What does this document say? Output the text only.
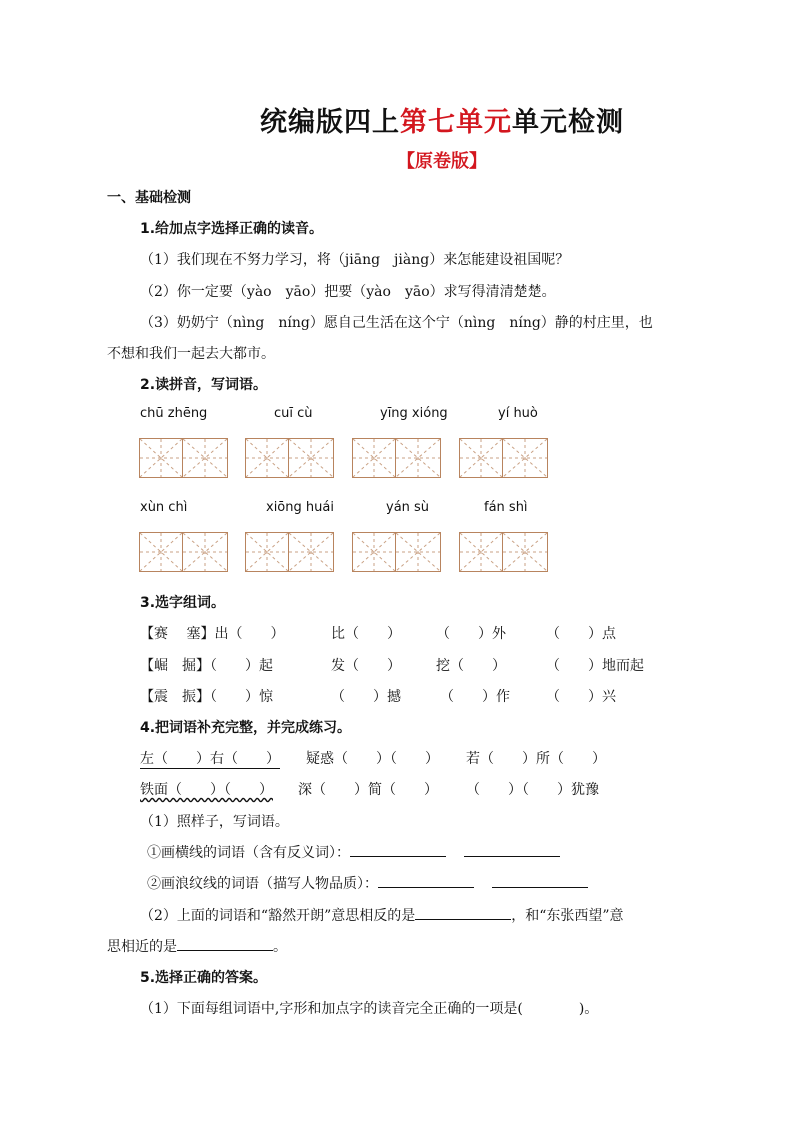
统编版四上第七单元单元检测
【原卷版】
一、基础检测
1.给加点字选择正确的读音。
（1）我们现在不努力学习，将（jiāng　jiàng）来怎能建设祖国呢？
（2）你一定要（yào　yāo）把要（yào　yāo）求写得清清楚楚。
（3）奶奶宁（nìng　níng）愿自己生活在这个宁（nìng　níng）静的村庄里，也
不想和我们一起去大都市。
2.读拼音，写词语。
chū zhēng	cuī cù	yīng xióng	yí huò
xùn chì	xiōng huái	yán sù	fán shì
3.选字组词。
【赛　 塞】出（　　）	比（　　）	（　　）外	（　　）点
【崛　掘】（　　）起	发（　　）	挖（　　）	（　　）地而起
【震　振】（　　）惊	（　　）撼	（　　）作	（　　）兴
4.把词语补充完整，并完成练习。
左（　　）右（　　） 疑惑（　　）（　　） 若（　　）所（　　）
铁面（　　）（　　） 深（　　）简（　　） （　　）（　　）犹豫
（1）照样子，写词语。
①画横线的词语（含有反义词）：
②画浪纹线的词语（描写人物品质）：
（2）上面的词语和“豁然开朗”意思相反的是	，和“东张西望”意
思相近的是	。
5.选择正确的答案。
（1）下面每组词语中,字形和加点字的读音完全正确的一项是(　　　　)。
